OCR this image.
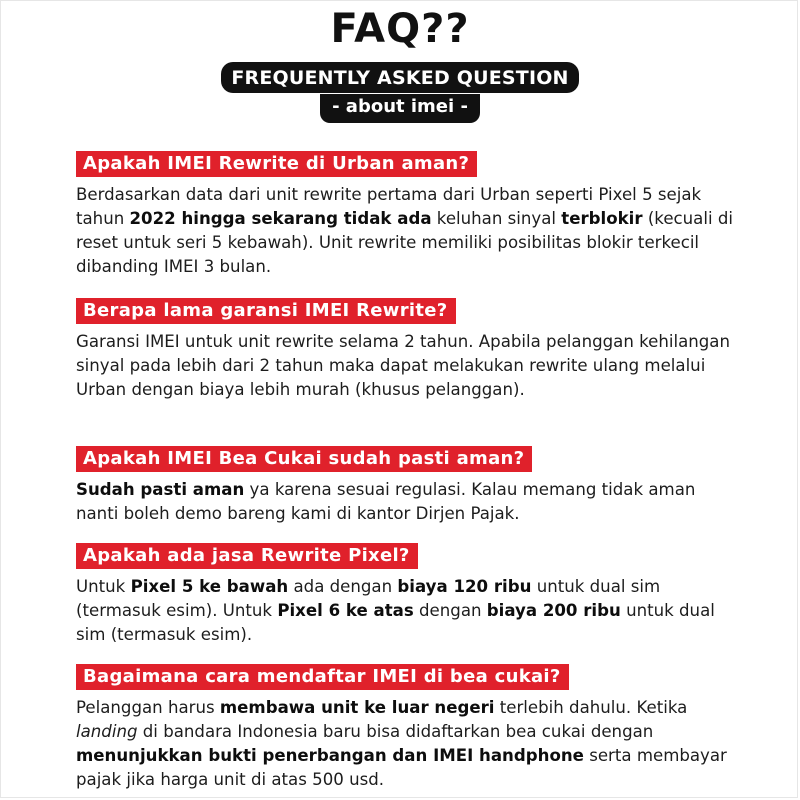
FAQ??
FREQUENTLY ASKED QUESTION
- about imei -
Apakah IMEI Rewrite di Urban aman?
Berdasarkan data dari unit rewrite pertama dari Urban seperti Pixel 5 sejak tahun 2022 hingga sekarang tidak ada keluhan sinyal terblokir (kecuali di reset untuk seri 5 kebawah). Unit rewrite memiliki posibilitas blokir terkecil dibanding IMEI 3 bulan.
Berapa lama garansi IMEI Rewrite?
Garansi IMEI untuk unit rewrite selama 2 tahun. Apabila pelanggan kehilangan sinyal pada lebih dari 2 tahun maka dapat melakukan rewrite ulang melalui Urban dengan biaya lebih murah (khusus pelanggan).
Apakah IMEI Bea Cukai sudah pasti aman?
Sudah pasti aman ya karena sesuai regulasi. Kalau memang tidak aman nanti boleh demo bareng kami di kantor Dirjen Pajak.
Apakah ada jasa Rewrite Pixel?
Untuk Pixel 5 ke bawah ada dengan biaya 120 ribu untuk dual sim (termasuk esim). Untuk Pixel 6 ke atas dengan biaya 200 ribu untuk dual sim (termasuk esim).
Bagaimana cara mendaftar IMEI di bea cukai?
Pelanggan harus membawa unit ke luar negeri terlebih dahulu. Ketika landing di bandara Indonesia baru bisa didaftarkan bea cukai dengan menunjukkan bukti penerbangan dan IMEI handphone serta membayar pajak jika harga unit di atas 500 usd.
